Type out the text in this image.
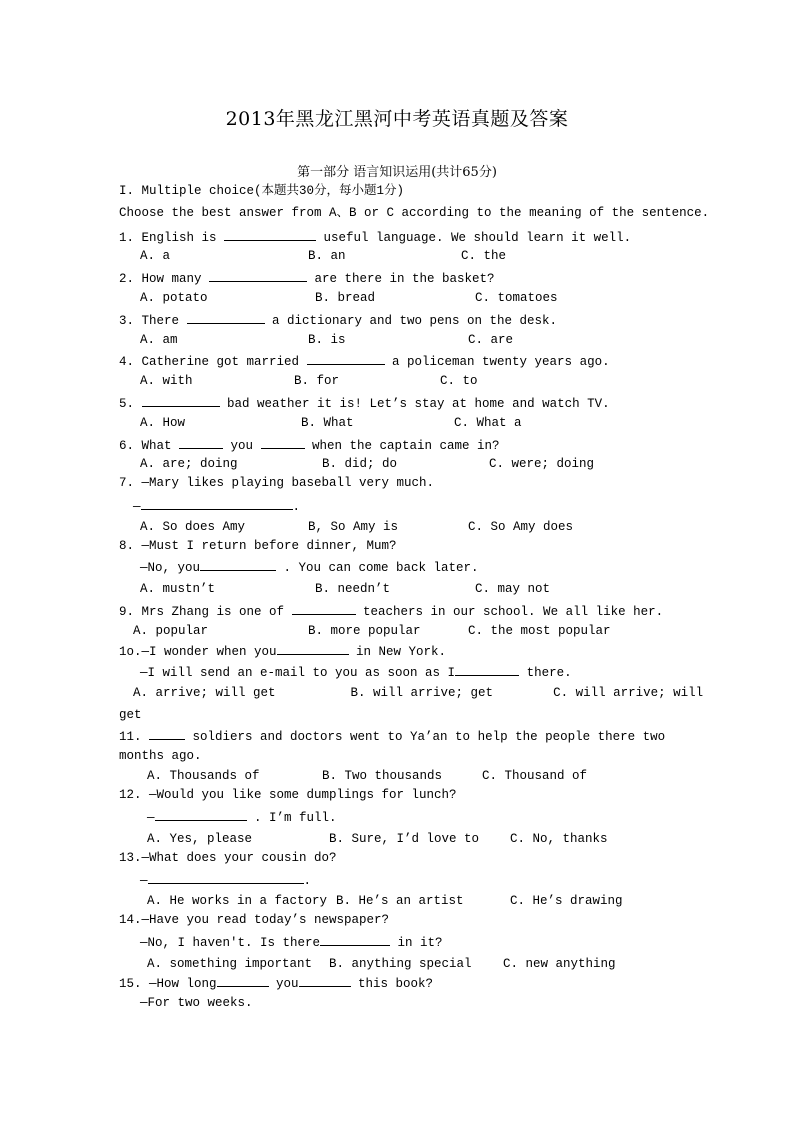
2013年黑龙江黑河中考英语真题及答案
第一部分 语言知识运用(共计65分)
I. Multiple choice(本题共30分，每小题1分)
Choose the best answer from A、B or C according to the meaning of the sentence.
1. English is	useful language. We should learn it well.
A. a	B. an	C. the
2. How many	are there in the basket?
A. potato	B. bread	C. tomatoes
3. There	a dictionary and two pens on the desk.
A. am	B. is	C. are
4. Catherine got married	a policeman twenty years ago.
A. with	B. for	C. to
5.	bad weather it is! Let’s stay at home and watch TV.
A. How	B. What	C. What a
6. What	you	when the captain came in?
A. are; doing	B. did; do	C. were; doing
7. —Mary likes playing baseball very much.
—	.
A. So does Amy	B, So Amy is	C. So Amy does
8. —Must I return before dinner, Mum?
—No, you	. You can come back later.
A. mustn’t	B. needn’t	C. may not
9. Mrs Zhang is one of	teachers in our school. We all like her.
A. popular	B. more popular	C. the most popular
1o.—I wonder when you	in New York.
—I will send an e-mail to you as soon as I	there.
A. arrive; will get          B. will arrive; get        C. will arrive; will
get
11.	soldiers and doctors went to Ya’an to help the people there two
months ago.
A. Thousands of	B. Two thousands	C. Thousand of
12. —Would you like some dumplings for lunch?
—	. I’m full.
A. Yes, please	B. Sure, I’d love to C. No, thanks
13.—What does your cousin do?
—	.
A. He works in a factory B. He’s an artist	C. He’s drawing
14.—Have you read today’s newspaper?
—No, I haven't. Is there	in it?
A. something important B. anything special	C. new anything
15. —How long	you	this book?
—For two weeks.
